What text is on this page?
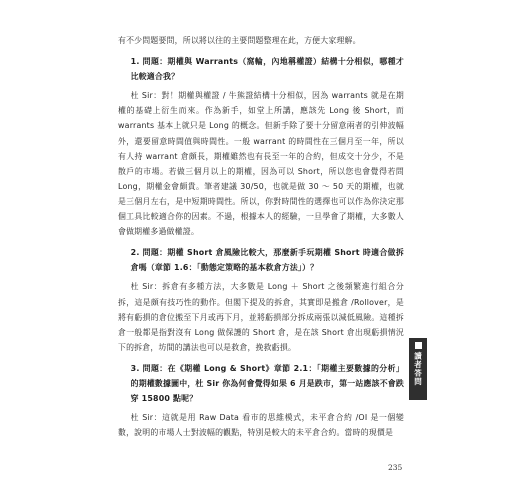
有不少問題要問，所以將以往的主要問題整理在此，方便大家理解。

1. 問題：期權與 Warrants（窩輪，內地稱權證）結構十分相似，哪種才比較適合我？

杜 Sir：對！期權與權證 / 牛熊證結構十分相似，因為 warrants 就是在期權的基礎上衍生而來。作為新手，如堂上所講，應該先 Long 後 Short，而 warrants 基本上就只是 Long 的概念。但新手除了要十分留意兩者的引伸波幅外，還要留意時間值與時間性。一般 warrant 的時間性在三個月至一年，所以有人持 warrant 倉頗長，期權雖然也有長至一年的合約，但成交十分少，不是散戶的市場。若做三個月以上的期權，因為可以 Short，所以您也會覺得若問 Long，期權金會頗貴。筆者建議 30/50，也就是做 30 ～ 50 天的期權，也就是三個月左右，是中短期時間性。所以，你對時間性的選擇也可以作為你決定那個工具比較適合你的因素。不過，根據本人的經驗，一旦學會了期權，大多數人會做期權多過做權證。

2. 問題：期權 Short 倉風險比較大，那麼新手玩期權 Short 時適合做拆倉嗎（章節 1.6：「動態定策略的基本救倉方法」）？

杜 Sir：拆倉有多種方法，大多數是 Long ＋ Short 之後頻繁進行組合分拆，這是頗有技巧性的動作。但閣下提及的拆倉，其實即是搬倉 /Rollover，是將有虧損的倉位搬至下月或再下月，並將虧損部分拆成兩張以減低風險。這種拆倉一般都是指對沒有 Long 做保護的 Short 倉，是在該 Short 倉出現虧損情況下的拆倉，坊間的講法也可以是救倉，挽救虧損。

3. 問題：在《期權 Long & Short》章節 2.1：「期權主要數據的分析」的期權數據圖中，杜 Sir 你為何會覺得如果 6 月是跌市，第一站應該不會跌穿 15800 點呢？

杜 Sir：這就是用 Raw Data 看市的思維模式，未平倉合約 /OI 是一個變數，說明的市場人士對波幅的觀點，特別是較大的未平倉合約。當時的現價是

讀者答問
235
